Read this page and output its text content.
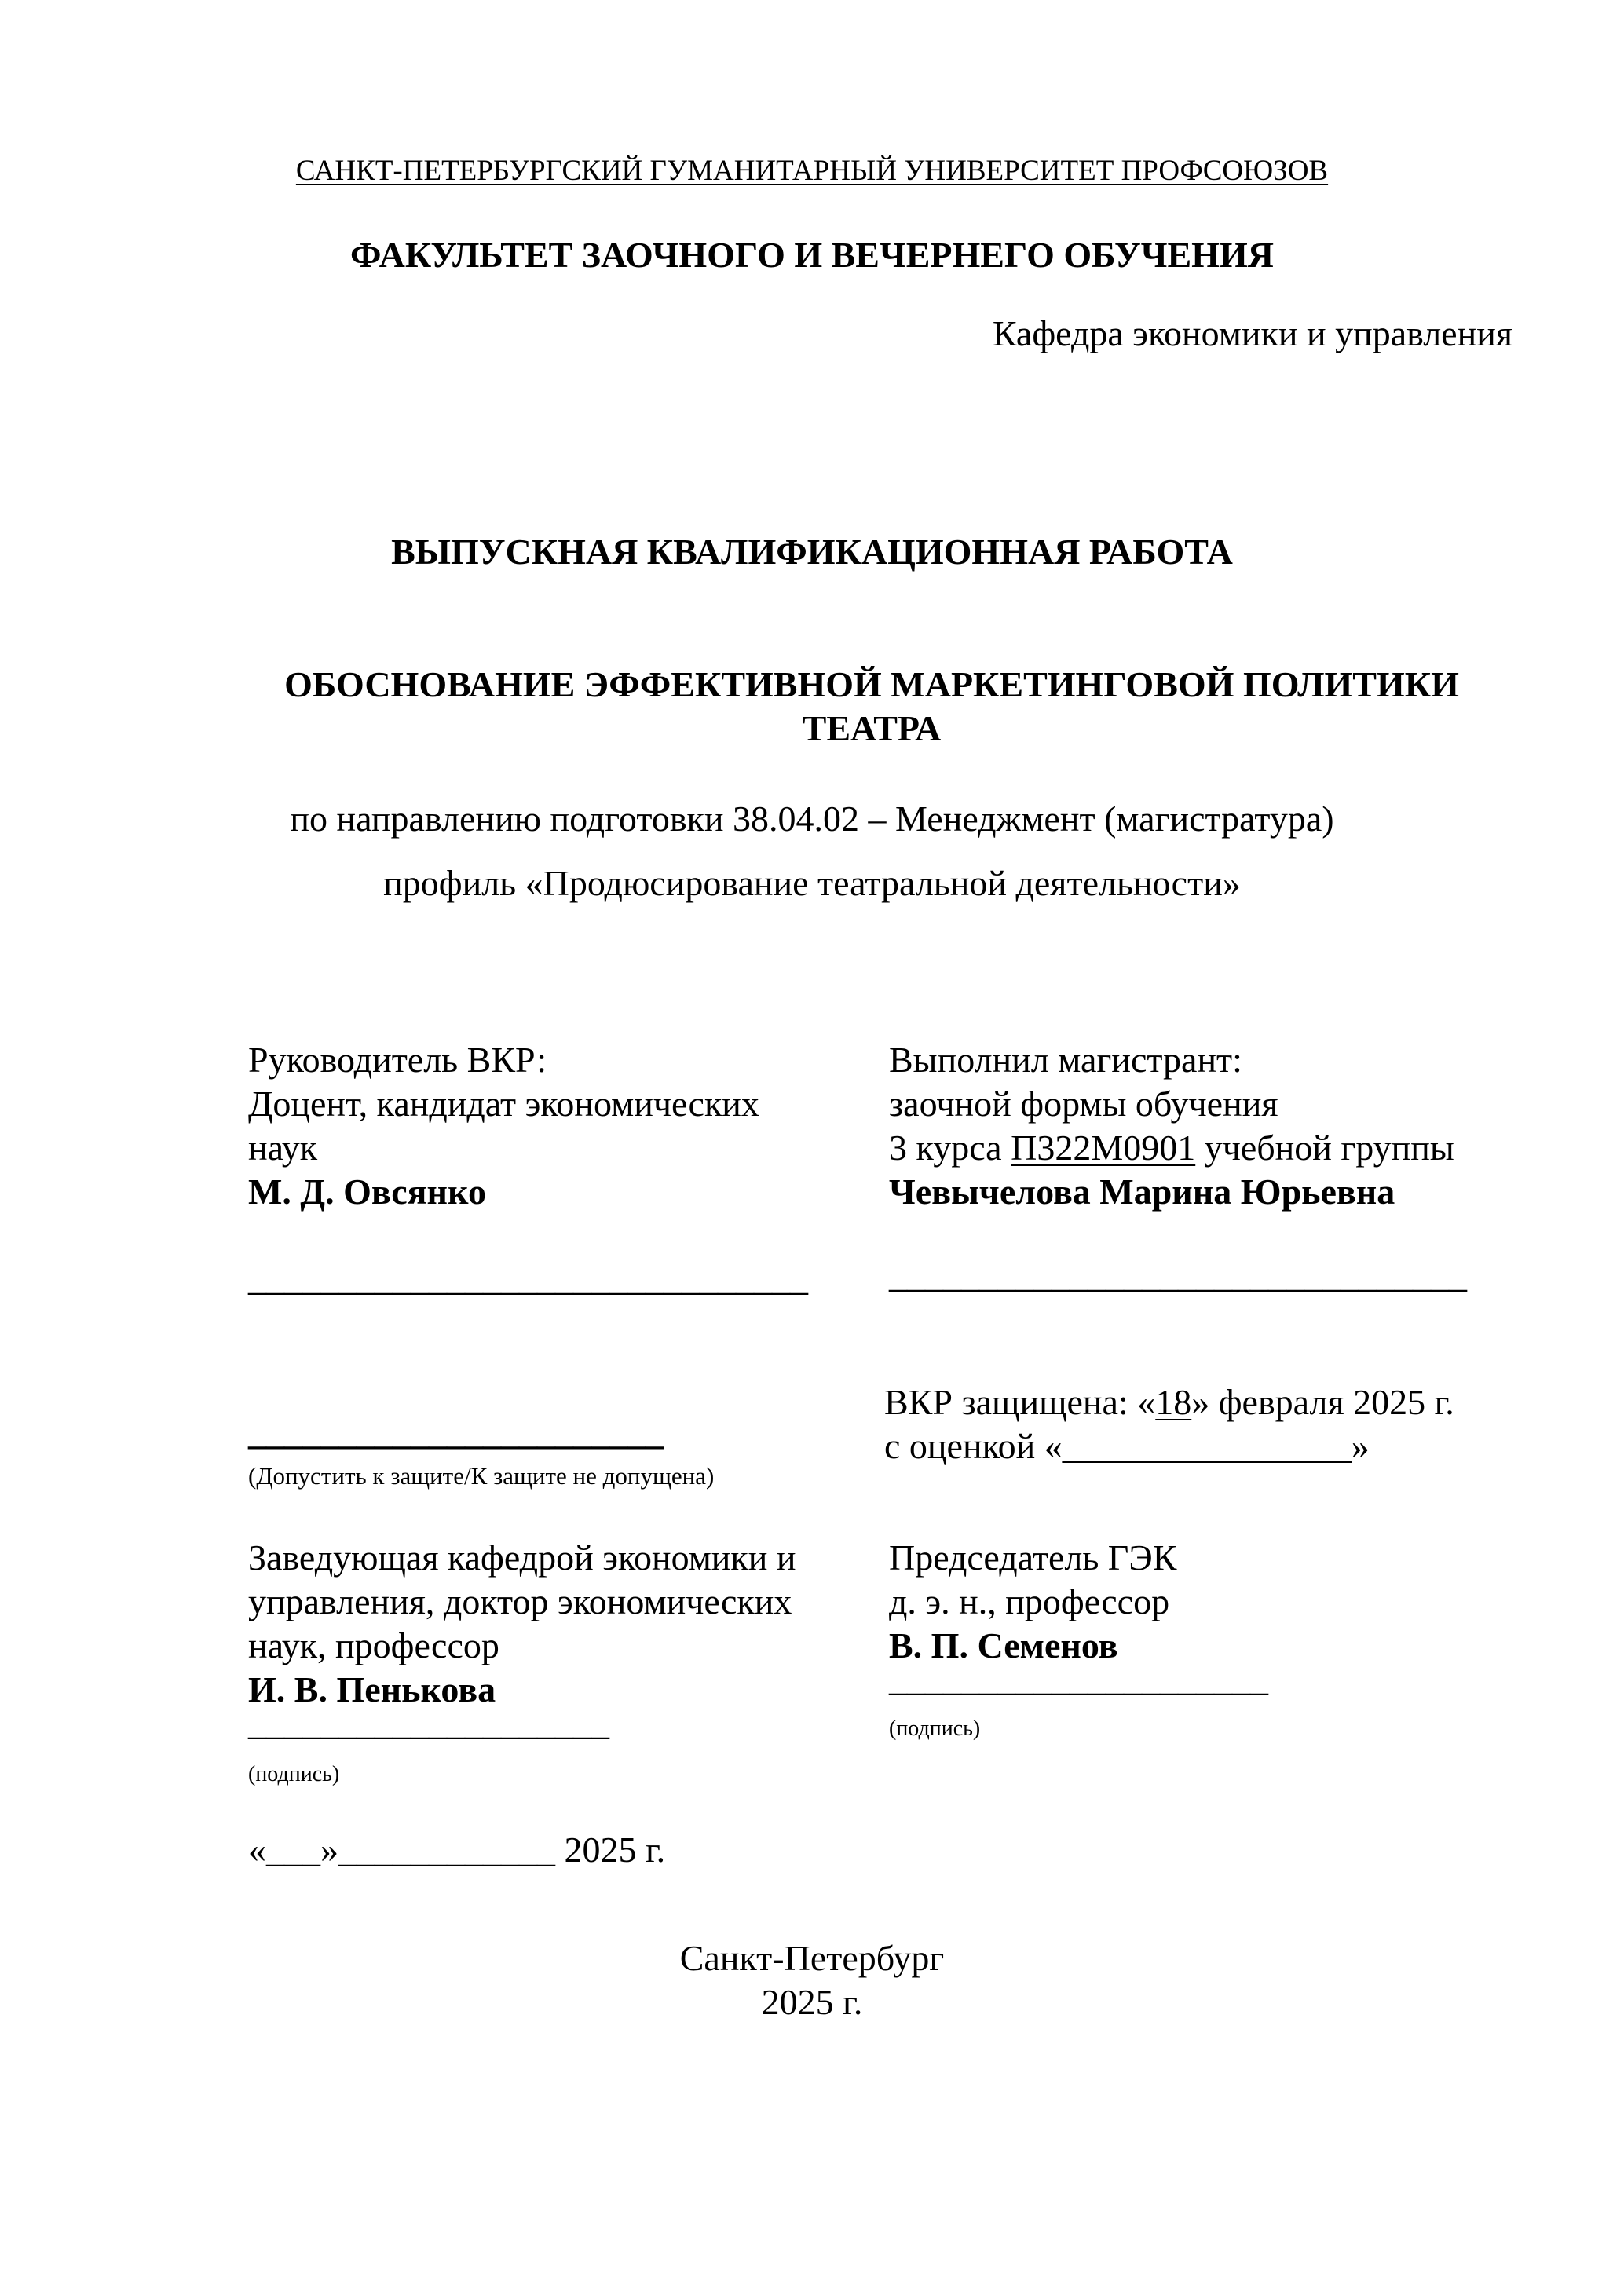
САНКТ-ПЕТЕРБУРГСКИЙ ГУМАНИТАРНЫЙ УНИВЕРСИТЕТ ПРОФСОЮЗОВ
ФАКУЛЬТЕТ ЗАОЧНОГО И ВЕЧЕРНЕГО ОБУЧЕНИЯ
Кафедра экономики и управления
ВЫПУСКНАЯ КВАЛИФИКАЦИОННАЯ РАБОТА
ОБОСНОВАНИЕ ЭФФЕКТИВНОЙ МАРКЕТИНГОВОЙ ПОЛИТИКИ
ТЕАТРА
по направлению подготовки 38.04.02 – Менеджмент (магистратура)
профиль «Продюсирование театральной деятельности»
Руководитель ВКР:
Доцент, кандидат экономических
наук
М. Д. Овсянко
_______________________________
Выполнил магистрант:
заочной формы обучения
3 курса П322М0901 учебной группы
Чевычелова Марина Юрьевна
________________________________
_______________________
(Допустить к защите/К защите не допущена)
ВКР защищена: «18» февраля 2025 г.
с оценкой «________________»
Заведующая кафедрой экономики и
управления, доктор экономических
наук, профессор
И. В. Пенькова
____________________
(подпись)
Председатель ГЭК
д. э. н., профессор
В. П. Семенов
_____________________
(подпись)
«___»____________ 2025 г.
Санкт-Петербург
2025 г.
